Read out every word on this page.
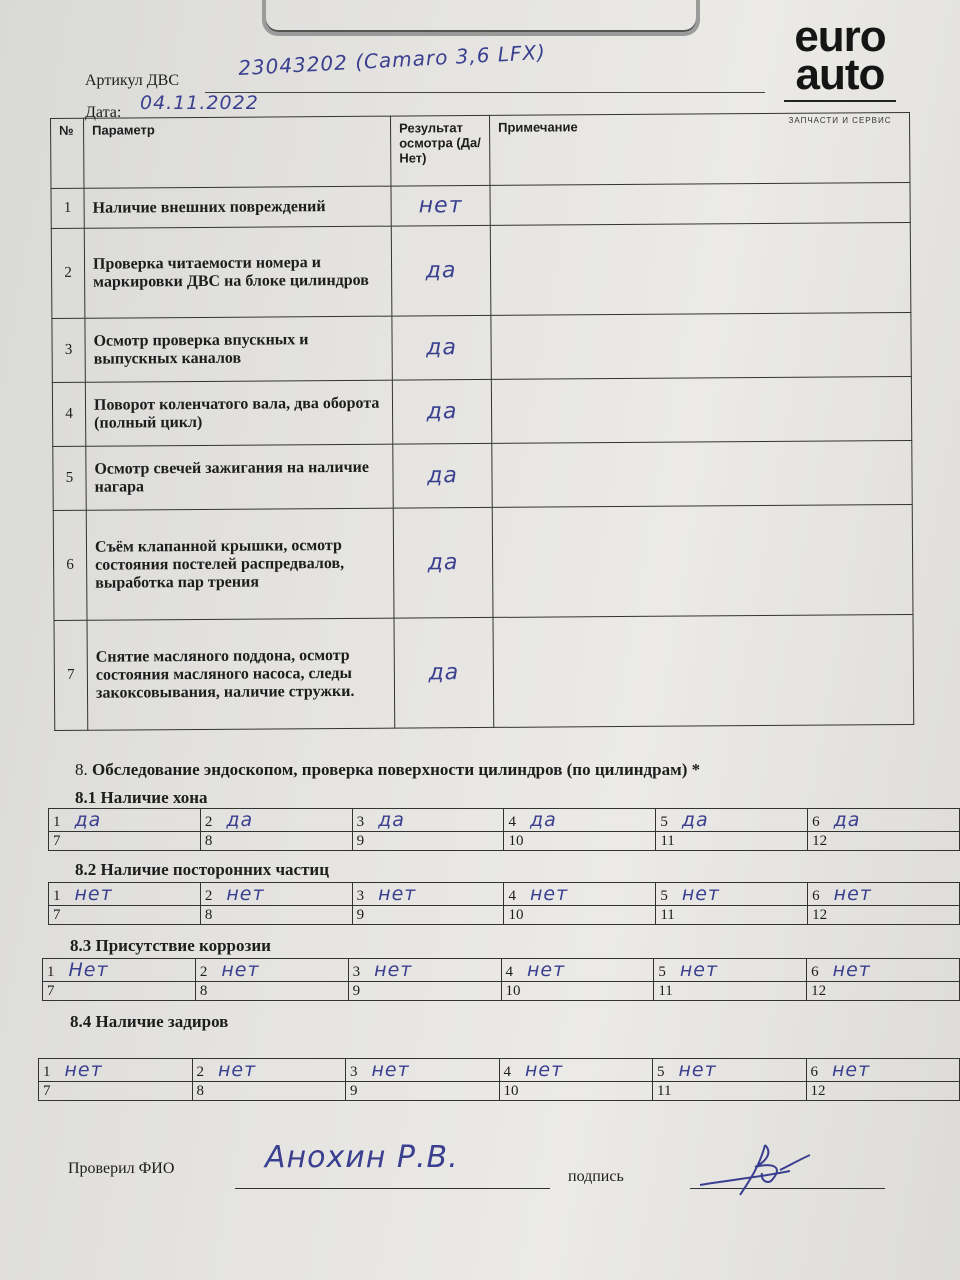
Артикул ДВС
23043202 (Camaro 3,6 LFX)
Дата: 04.11.2022
euro
auto
ЗАПЧАСТИ И СЕРВИС
№	Параметр	Результат осмотра (Да/Нет)	Примечание
1	Наличие внешних повреждений	нет	
2	Проверка читаемости номера и маркировки ДВС на блоке цилиндров	да	
3	Осмотр проверка впускных и выпускных каналов	да	
4	Поворот коленчатого вала, два оборота (полный цикл)	да	
5	Осмотр свечей зажигания на наличие нагара	да	
6	Съём клапанной крышки, осмотр состояния постелей распредвалов, выработка пар трения	да	
7	Снятие масляного поддона, осмотр состояния масляного насоса, следы закоксовывания, наличие стружки.	да	
8. Обследование эндоскопом, проверка поверхности цилиндров (по цилиндрам) *
8.1 Наличие хона
1 да	2 да	3 да	4 да	5 да	6 да
7	8	9	10	11	12
8.2 Наличие посторонних частиц
1 нет	2 нет	3 нет	4 нет	5 нет	6 нет
7	8	9	10	11	12
8.3 Присутствие коррозии
1 Нет	2 нет	3 нет	4 нет	5 нет	6 нет
7	8	9	10	11	12
8.4 Наличие задиров
1 нет	2 нет	3 нет	4 нет	5 нет	6 нет
7	8	9	10	11	12
Проверил ФИО	Анохин Р.В.
подпись
